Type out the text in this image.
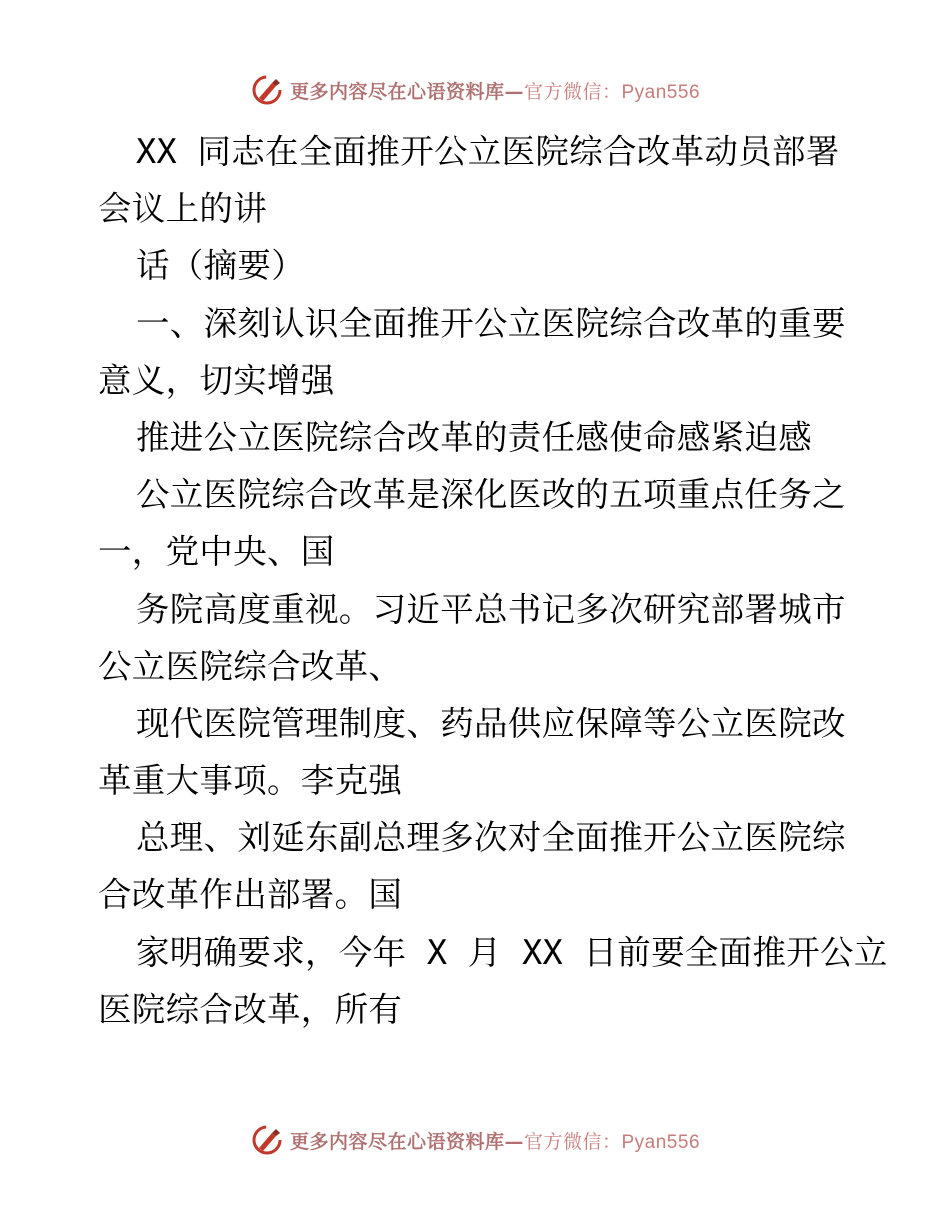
更多内容尽在心语资料库—官方微信：Pyan556
XX 同志在全面推开公立医院综合改革动员部署
会议上的讲
话（摘要）
一、深刻认识全面推开公立医院综合改革的重要
意义，切实增强
推进公立医院综合改革的责任感使命感紧迫感
公立医院综合改革是深化医改的五项重点任务之
一，党中央、国
务院高度重视。习近平总书记多次研究部署城市
公立医院综合改革、
现代医院管理制度、药品供应保障等公立医院改
革重大事项。李克强
总理、刘延东副总理多次对全面推开公立医院综
合改革作出部署。国
家明确要求，今年 X 月 XX 日前要全面推开公立
医院综合改革，所有
更多内容尽在心语资料库—官方微信：Pyan556
